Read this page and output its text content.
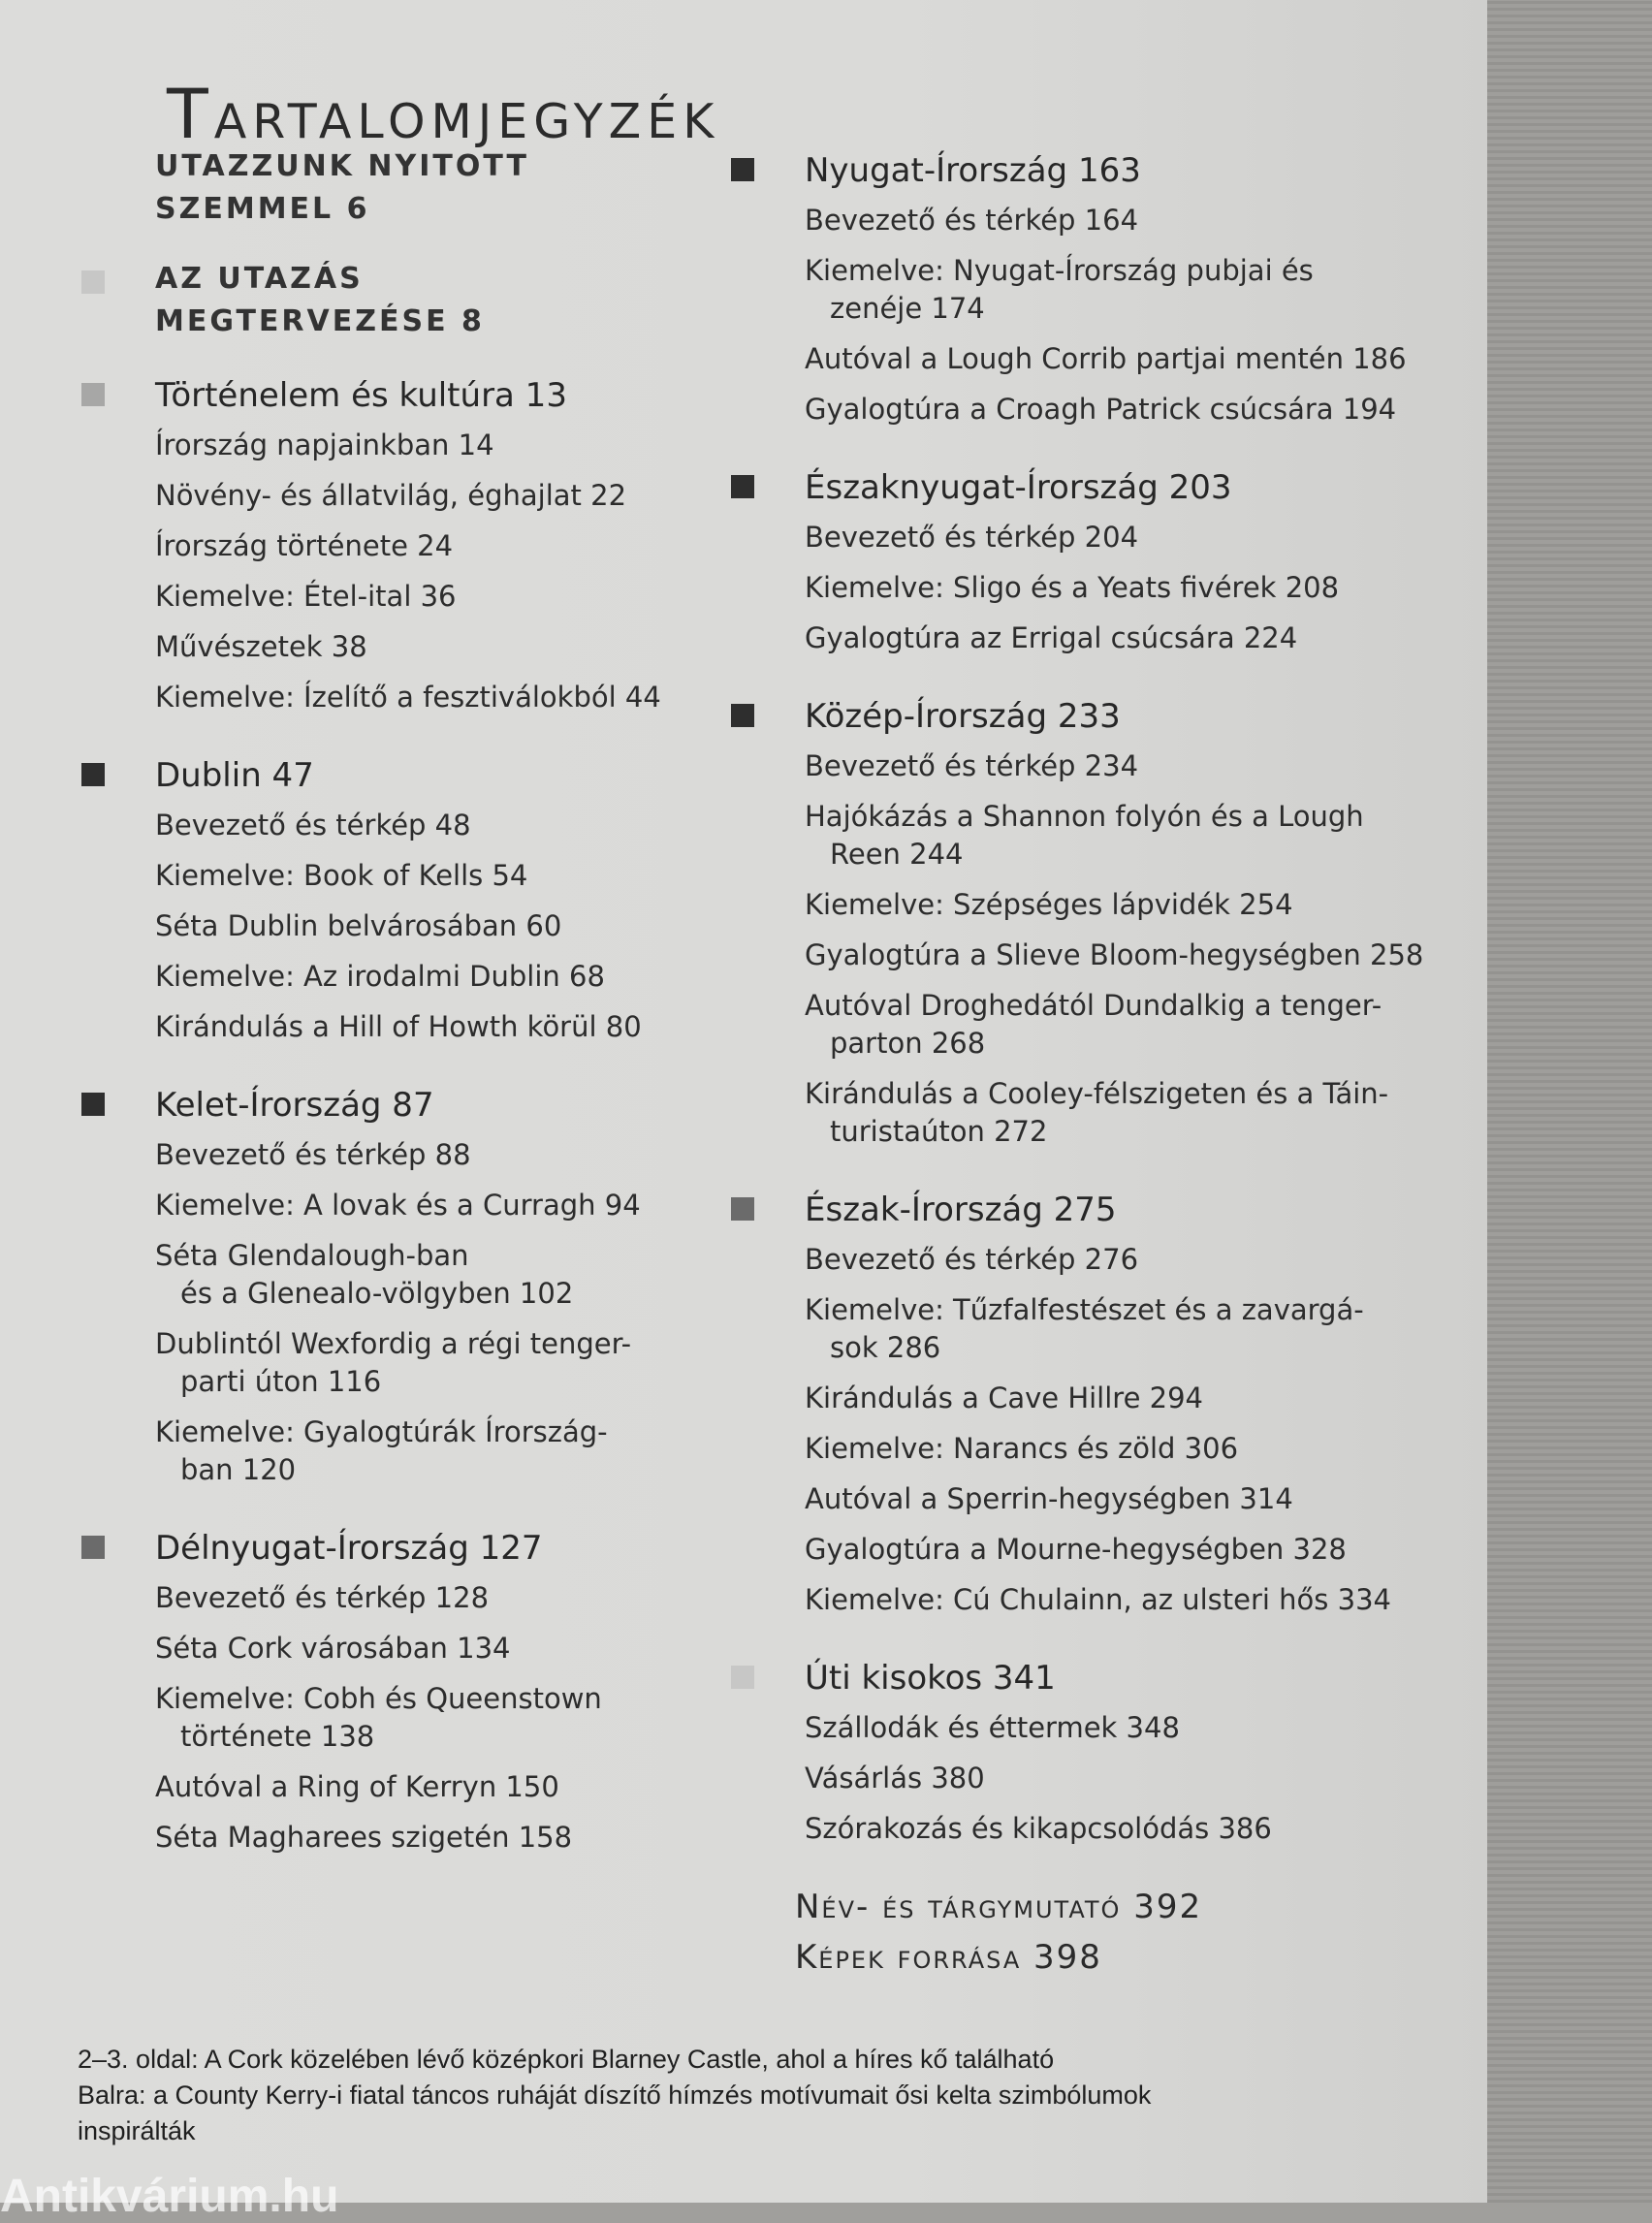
Tartalomjegyzék
UTAZZUNK NYITOTT
SZEMMEL 6
AZ UTAZÁS
MEGTERVEZÉSE 8
Történelem és kultúra 13
Írország napjainkban 14
Növény- és állatvilág, éghajlat 22
Írország története 24
Kiemelve: Étel-ital 36
Művészetek 38
Kiemelve: Ízelítő a fesztiválokból 44
Dublin 47
Bevezető és térkép 48
Kiemelve: Book of Kells 54
Séta Dublin belvárosában 60
Kiemelve: Az irodalmi Dublin 68
Kirándulás a Hill of Howth körül 80
Kelet-Írország 87
Bevezető és térkép 88
Kiemelve: A lovak és a Curragh 94
Séta Glendalough-ban
és a Glenealo-völgyben 102
Dublintól Wexfordig a régi tenger-
parti úton 116
Kiemelve: Gyalogtúrák Írország-
ban 120
Délnyugat-Írország 127
Bevezető és térkép 128
Séta Cork városában 134
Kiemelve: Cobh és Queenstown
története 138
Autóval a Ring of Kerryn 150
Séta Magharees szigetén 158
Nyugat-Írország 163
Bevezető és térkép 164
Kiemelve: Nyugat-Írország pubjai és
zenéje 174
Autóval a Lough Corrib partjai mentén 186
Gyalogtúra a Croagh Patrick csúcsára 194
Északnyugat-Írország 203
Bevezető és térkép 204
Kiemelve: Sligo és a Yeats fivérek 208
Gyalogtúra az Errigal csúcsára 224
Közép-Írország 233
Bevezető és térkép 234
Hajókázás a Shannon folyón és a Lough
Reen 244
Kiemelve: Szépséges lápvidék 254
Gyalogtúra a Slieve Bloom-hegységben 258
Autóval Droghedától Dundalkig a tenger-
parton 268
Kirándulás a Cooley-félszigeten és a Táin-
turistaúton 272
Észak-Írország 275
Bevezető és térkép 276
Kiemelve: Tűzfalfestészet és a zavargá-
sok 286
Kirándulás a Cave Hillre 294
Kiemelve: Narancs és zöld 306
Autóval a Sperrin-hegységben 314
Gyalogtúra a Mourne-hegységben 328
Kiemelve: Cú Chulainn, az ulsteri hős 334
Úti kisokos 341
Szállodák és éttermek 348
Vásárlás 380
Szórakozás és kikapcsolódás 386
Név- és tárgymutató 392
Képek forrása 398
2–3. oldal: A Cork közelében lévő középkori Blarney Castle, ahol a híres kő található
Balra: a County Kerry-i fiatal táncos ruháját díszítő hímzés motívumait ősi kelta szimbólumok
inspirálták
Antikvárium.hu
